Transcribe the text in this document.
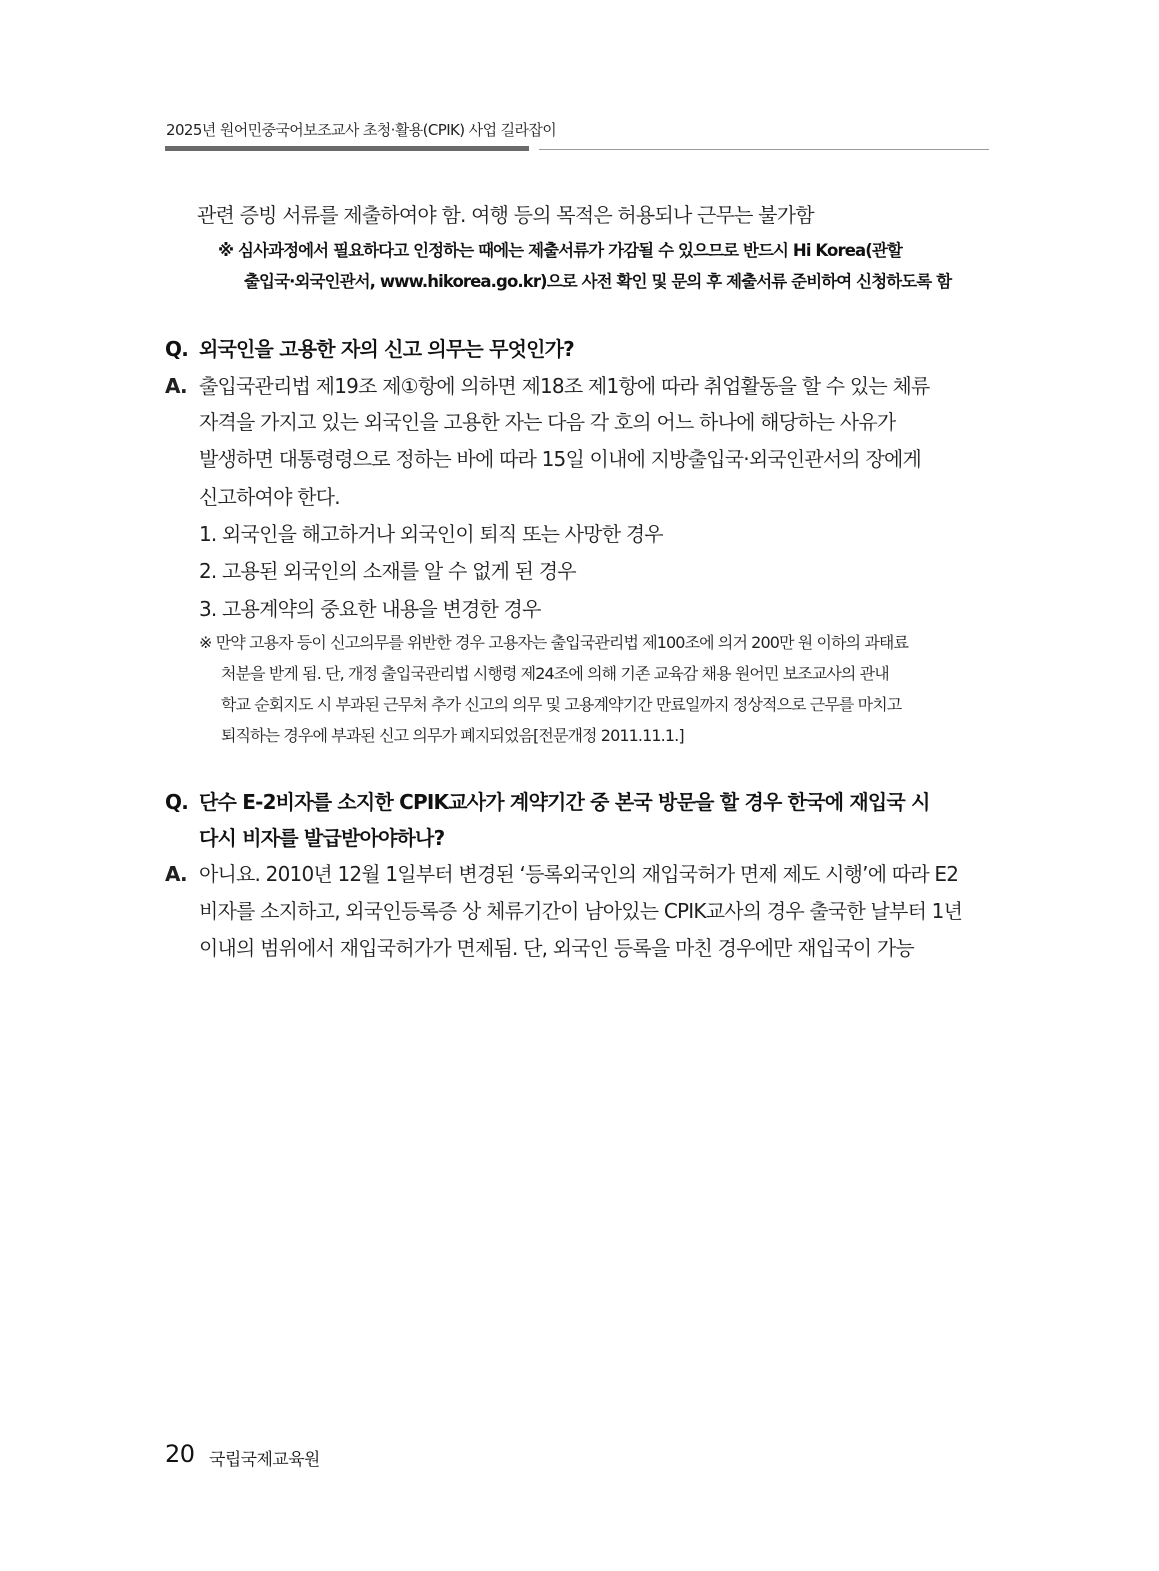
2025년 원어민중국어보조교사 초청·활용(CPIK) 사업 길라잡이
관련 증빙 서류를 제출하여야 함. 여행 등의 목적은 허용되나 근무는 불가함
※ 심사과정에서 필요하다고 인정하는 때에는 제출서류가 가감될 수 있으므로 반드시 Hi Korea(관할
출입국·외국인관서, www.hikorea.go.kr)으로 사전 확인 및 문의 후 제출서류 준비하여 신청하도록 함
Q. 외국인을 고용한 자의 신고 의무는 무엇인가?
A. 출입국관리법 제19조 제①항에 의하면 제18조 제1항에 따라 취업활동을 할 수 있는 체류
자격을 가지고 있는 외국인을 고용한 자는 다음 각 호의 어느 하나에 해당하는 사유가
발생하면 대통령령으로 정하는 바에 따라 15일 이내에 지방출입국·외국인관서의 장에게
신고하여야 한다.
1. 외국인을 해고하거나 외국인이 퇴직 또는 사망한 경우
2. 고용된 외국인의 소재를 알 수 없게 된 경우
3. 고용계약의 중요한 내용을 변경한 경우
※ 만약 고용자 등이 신고의무를 위반한 경우 고용자는 출입국관리법 제100조에 의거 200만 원 이하의 과태료
처분을 받게 됨. 단, 개정 출입국관리법 시행령 제24조에 의해 기존 교육감 채용 원어민 보조교사의 관내
학교 순회지도 시 부과된 근무처 추가 신고의 의무 및 고용계약기간 만료일까지 정상적으로 근무를 마치고
퇴직하는 경우에 부과된 신고 의무가 폐지되었음[전문개정 2011.11.1.]
Q. 단수 E-2비자를 소지한 CPIK교사가 계약기간 중 본국 방문을 할 경우 한국에 재입국 시
다시 비자를 발급받아야하나?
A. 아니요. 2010년 12월 1일부터 변경된 ‘등록외국인의 재입국허가 면제 제도 시행’에 따라 E2
비자를 소지하고, 외국인등록증 상 체류기간이 남아있는 CPIK교사의 경우 출국한 날부터 1년
이내의 범위에서 재입국허가가 면제됨. 단, 외국인 등록을 마친 경우에만 재입국이 가능
20 국립국제교육원
